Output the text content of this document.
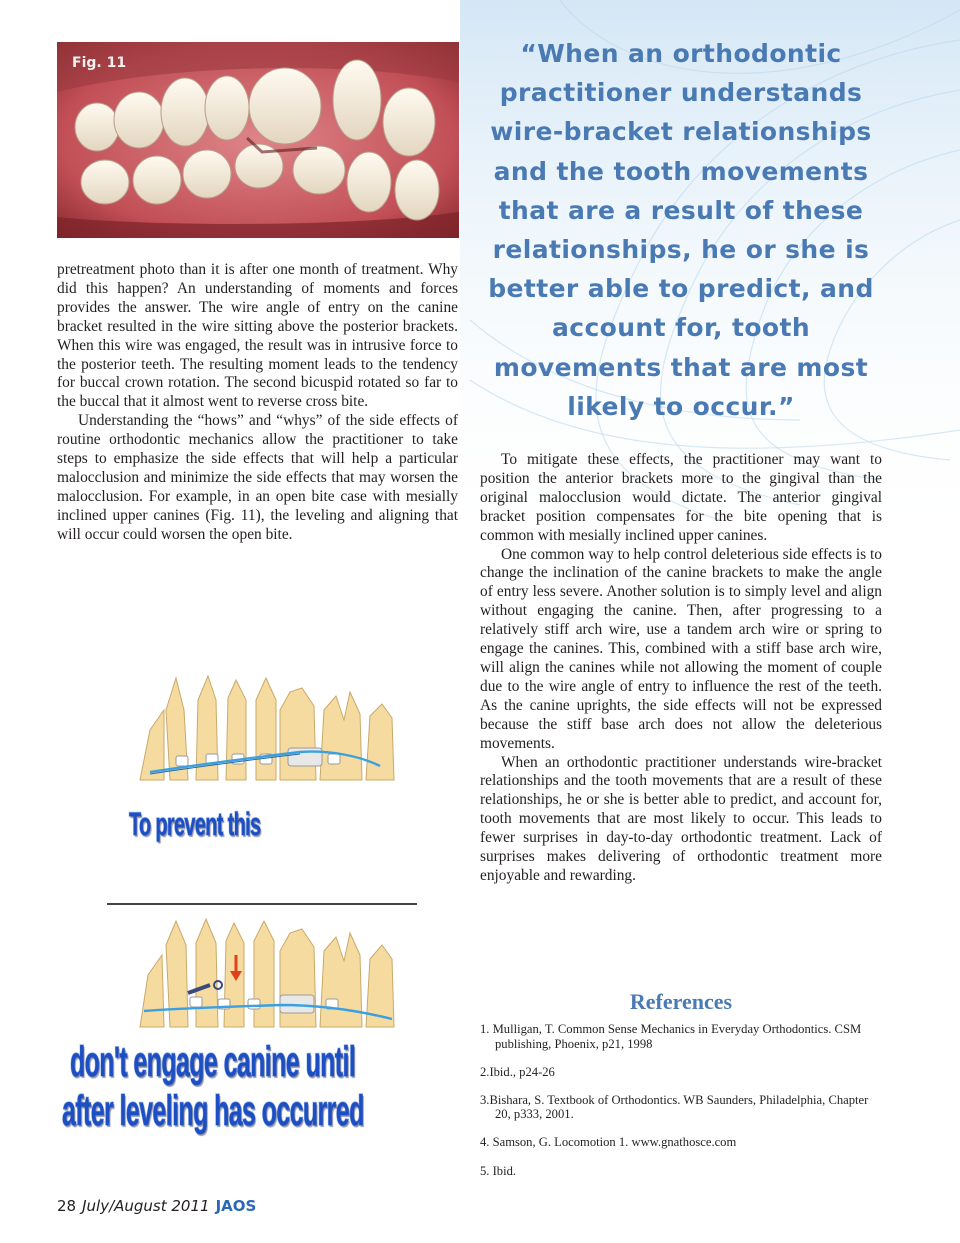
Fig. 11	“When an orthodontic practitioner understands wire-bracket relationships and the tooth movements that are a result of these relationships, he or she is better able to predict, and account for, tooth movements that are most likely to occur.”

pretreatment photo than it is after one month of treatment. Why did this happen? An understanding of moments and forces provides the answer. The wire angle of entry on the canine bracket resulted in the wire sitting above the posterior brackets. When this wire was engaged, the result was in intrusive force to the posterior teeth. The resulting moment leads to the tendency for buccal crown rotation. The second bicuspid rotated so far to the buccal that it almost went to reverse cross bite.

Understanding the “hows” and “whys” of the side effects of routine orthodontic mechanics allow the practitioner to take steps to emphasize the side effects that will help a particular malocclusion and minimize the side effects that may worsen the malocclusion. For example, in an open bite case with mesially inclined upper canines (Fig. 11), the leveling and aligning that will occur could worsen the open bite.

To mitigate these effects, the practitioner may want to position the anterior brackets more to the gingival than the original malocclusion would dictate. The anterior gingival bracket position compensates for the bite opening that is common with mesially inclined upper canines.

One common way to help control deleterious side effects is to change the inclination of the canine brackets to make the angle of entry less severe. Another solution is to simply level and align without engaging the canine. Then, after progressing to a relatively stiff arch wire, use a tandem arch wire or spring to engage the canines. This, combined with a stiff base arch wire, will align the canines while not allowing the moment of couple due to the wire angle of entry to influence the rest of the teeth. As the canine uprights, the side effects will not be expressed because the stiff base arch does not allow the deleterious movements.

When an orthodontic practitioner understands wire-bracket relationships and the tooth movements that are a result of these relationships, he or she is better able to predict, and account for, tooth movements that are most likely to occur. This leads to fewer surprises in day-to-day orthodontic treatment. Lack of surprises makes delivering of orthodontic treatment more enjoyable and rewarding.

To prevent this
don't engage canine until
after leveling has occurred
References

1. Mulligan, T. Common Sense Mechanics in Everyday Orthodontics. CSM publishing, Phoenix, p21, 1998

2.Ibid., p24-26

3.Bishara, S. Textbook of Orthodontics. WB Saunders, Philadelphia, Chapter 20, p333, 2001.

4. Samson, G. Locomotion 1. www.gnathosce.com

5. Ibid.

28 July/August 2011 JAOS
